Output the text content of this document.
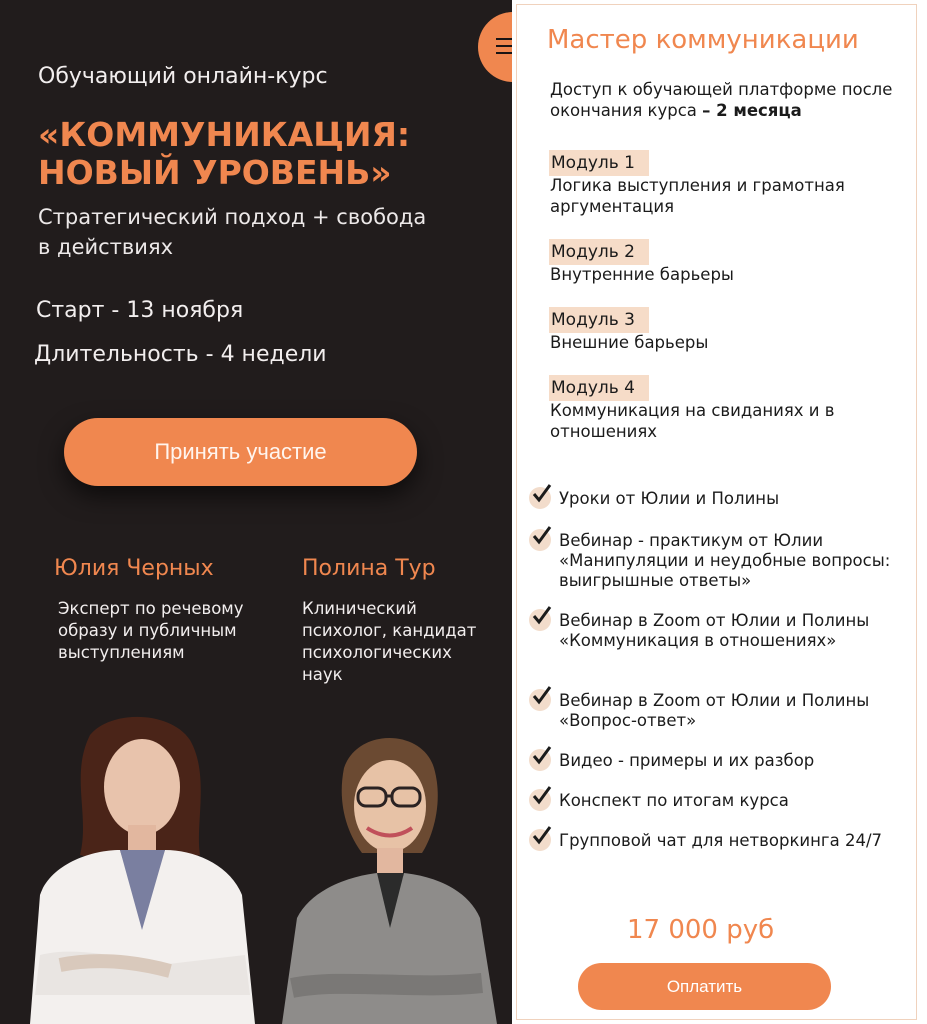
Обучающий онлайн-курс
«КОММУНИКАЦИЯ: НОВЫЙ УРОВЕНЬ»
Стратегический подход + свобода в действиях
Старт - 13 ноября
Длительность - 4 недели
Принять участие
Юлия Черных
Эксперт по речевому образу и публичным выступлениям
Полина Тур
Клинический психолог, кандидат психологических наук
Мастер коммуникации
Доступ к обучающей платформе после окончания курса – 2 месяца
Модуль 1
Логика выступления и грамотная аргументация
Модуль 2
Внутренние барьеры
Модуль 3
Внешние барьеры
Модуль 4
Коммуникация на свиданиях и в отношениях
Уроки от Юлии и Полины
Вебинар - практикум от Юлии «Манипуляции и неудобные вопросы: выигрышные ответы»
Вебинар в Zoom от Юлии и Полины «Коммуникация в отношениях»
Вебинар в Zoom от Юлии и Полины «Вопрос-ответ»
Видео - примеры и их разбор
Конспект по итогам курса
Групповой чат для нетворкинга 24/7
17 000 руб
Оплатить
